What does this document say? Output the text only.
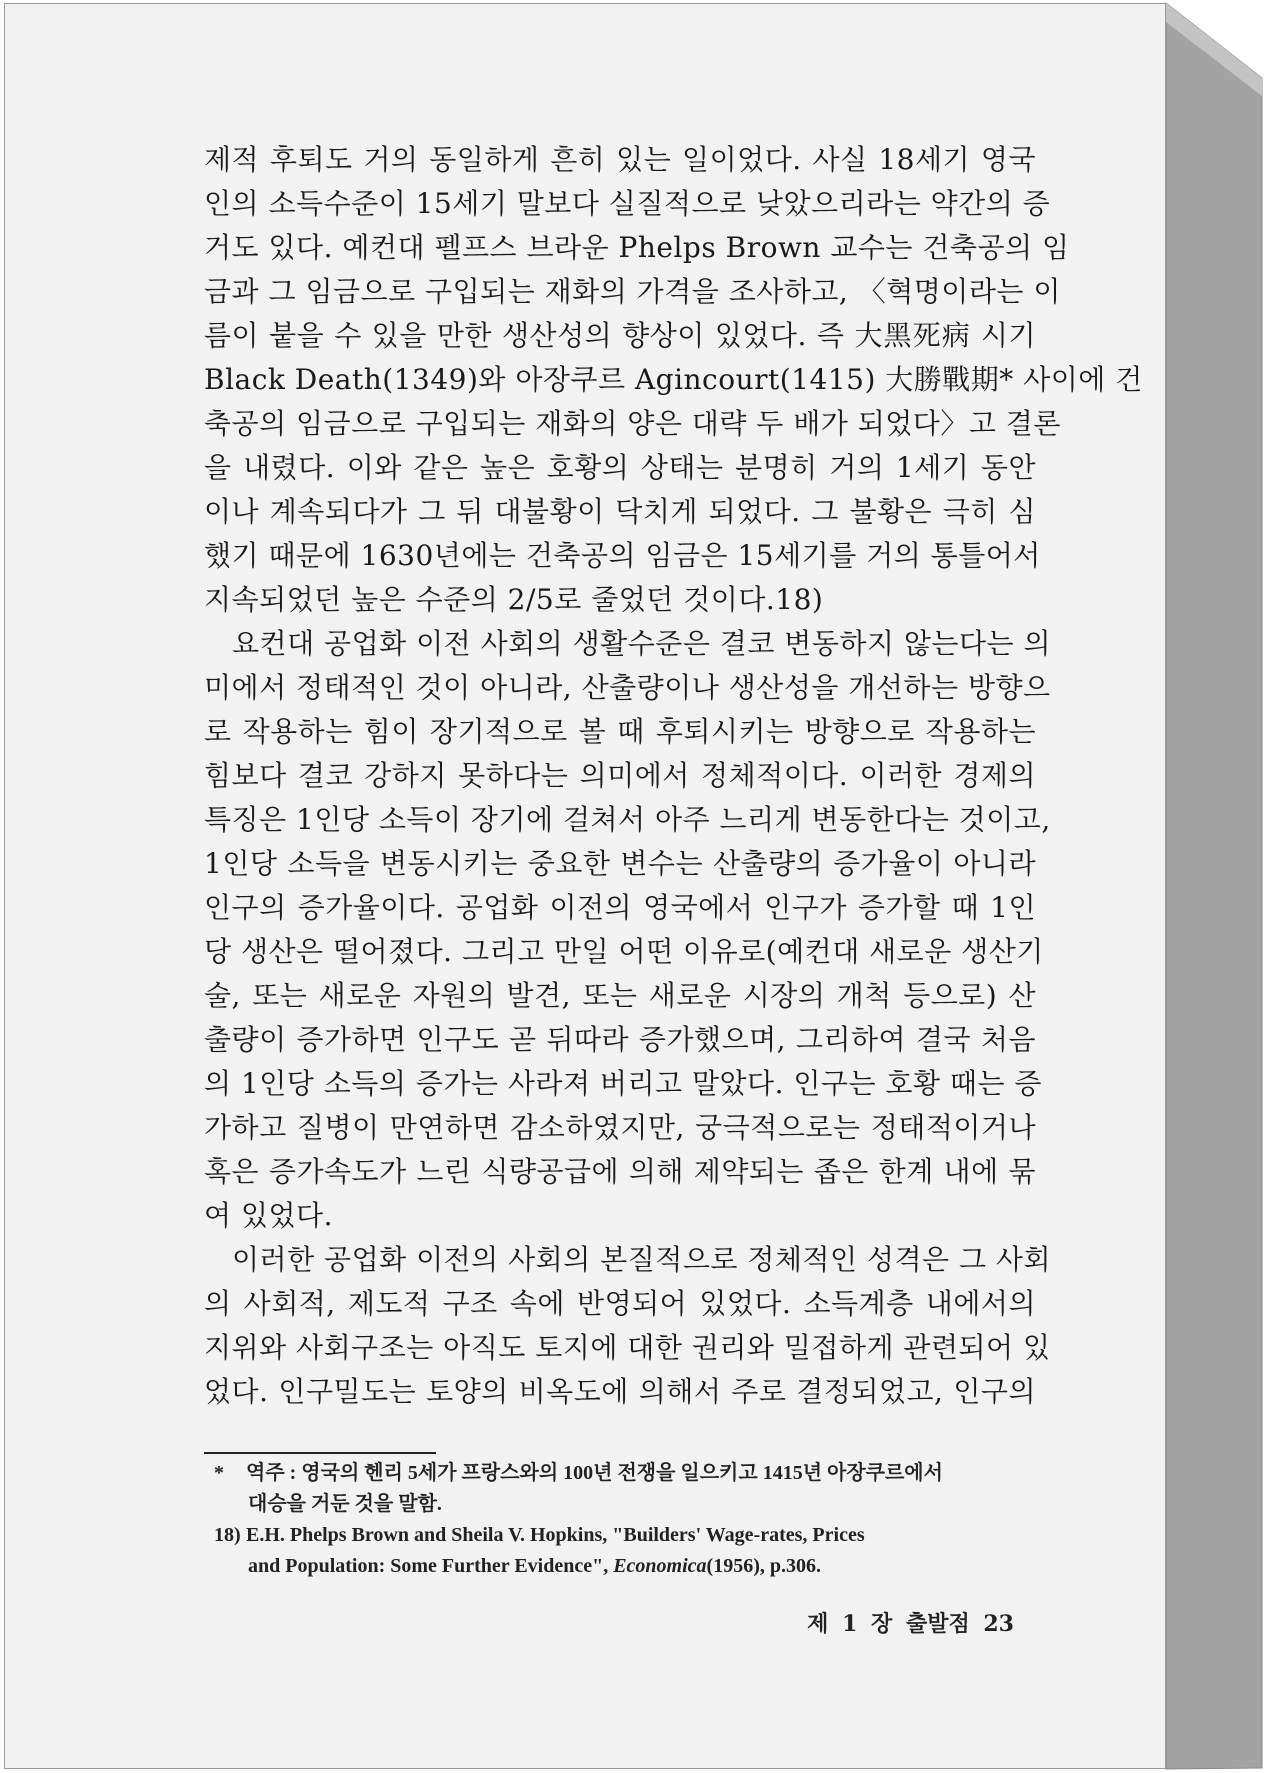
제적 후퇴도 거의 동일하게 흔히 있는 일이었다. 사실 18세기 영국
인의 소득수준이 15세기 말보다 실질적으로 낮았으리라는 약간의 증
거도 있다. 예컨대 펠프스 브라운 Phelps Brown 교수는 건축공의 임
금과 그 임금으로 구입되는 재화의 가격을 조사하고, 〈혁명이라는 이
름이 붙을 수 있을 만한 생산성의 향상이 있었다. 즉 大黑死病 시기
Black Death(1349)와 아장쿠르 Agincourt(1415) 大勝戰期* 사이에 건
축공의 임금으로 구입되는 재화의 양은 대략 두 배가 되었다〉고 결론
을 내렸다. 이와 같은 높은 호황의 상태는 분명히 거의 1세기 동안
이나 계속되다가 그 뒤 대불황이 닥치게 되었다. 그 불황은 극히 심
했기 때문에 1630년에는 건축공의 임금은 15세기를 거의 통틀어서
지속되었던 높은 수준의 2/5로 줄었던 것이다.18)
요컨대 공업화 이전 사회의 생활수준은 결코 변동하지 않는다는 의
미에서 정태적인 것이 아니라, 산출량이나 생산성을 개선하는 방향으
로 작용하는 힘이 장기적으로 볼 때 후퇴시키는 방향으로 작용하는
힘보다 결코 강하지 못하다는 의미에서 정체적이다. 이러한 경제의
특징은 1인당 소득이 장기에 걸쳐서 아주 느리게 변동한다는 것이고,
1인당 소득을 변동시키는 중요한 변수는 산출량의 증가율이 아니라
인구의 증가율이다. 공업화 이전의 영국에서 인구가 증가할 때 1인
당 생산은 떨어졌다. 그리고 만일 어떤 이유로(예컨대 새로운 생산기
술, 또는 새로운 자원의 발견, 또는 새로운 시장의 개척 등으로) 산
출량이 증가하면 인구도 곧 뒤따라 증가했으며, 그리하여 결국 처음
의 1인당 소득의 증가는 사라져 버리고 말았다. 인구는 호황 때는 증
가하고 질병이 만연하면 감소하였지만, 궁극적으로는 정태적이거나
혹은 증가속도가 느린 식량공급에 의해 제약되는 좁은 한계 내에 묶
여 있었다.
이러한 공업화 이전의 사회의 본질적으로 정체적인 성격은 그 사회
의 사회적, 제도적 구조 속에 반영되어 있었다. 소득계층 내에서의
지위와 사회구조는 아직도 토지에 대한 권리와 밀접하게 관련되어 있
었다. 인구밀도는 토양의 비옥도에 의해서 주로 결정되었고, 인구의
* 역주 : 영국의 헨리 5세가 프랑스와의 100년 전쟁을 일으키고 1415년 아장쿠르에서
대승을 거둔 것을 말함.
18) E.H. Phelps Brown and Sheila V. Hopkins, "Builders' Wage-rates, Prices
and Population: Some Further Evidence", Economica(1956), p.306.
제 1 장 출발점 23
